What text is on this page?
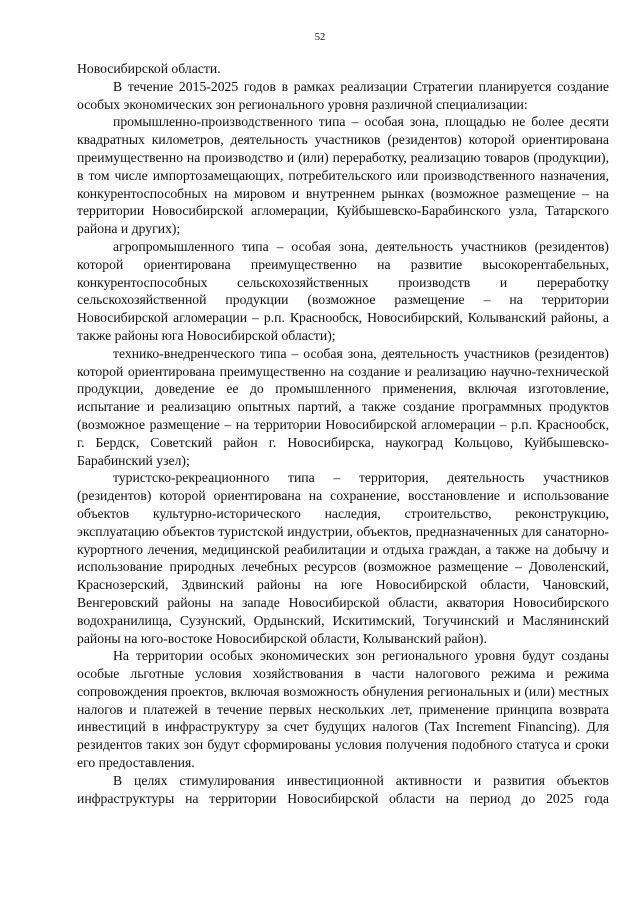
52

Новосибирской области.

В течение 2015-2025 годов в рамках реализации Стратегии планируется создание особых экономических зон регионального уровня различной специализации:

промышленно-производственного типа – особая зона, площадью не более десяти квадратных километров, деятельность участников (резидентов) которой ориентирована преимущественно на производство и (или) переработку, реализацию товаров (продукции), в том числе импортозамещающих, потребительского или производственного назначения, конкурентоспособных на мировом и внутреннем рынках (возможное размещение – на территории Новосибирской агломерации, Куйбышевско-Барабинского узла, Татарского района и других);

агропромышленного типа – особая зона, деятельность участников (резидентов) которой ориентирована преимущественно на развитие высокорентабельных, конкурентоспособных сельскохозяйственных производств и переработку сельскохозяйственной продукции (возможное размещение – на территории Новосибирской агломерации – р.п. Краснообск, Новосибирский, Колыванский районы, а также районы юга Новосибирской области);

технико-внедренческого типа – особая зона, деятельность участников (резидентов) которой ориентирована преимущественно на создание и реализацию научно-технической продукции, доведение ее до промышленного применения, включая изготовление, испытание и реализацию опытных партий, а также создание программных продуктов (возможное размещение – на территории Новосибирской агломерации – р.п. Краснообск, г. Бердск, Советский район г. Новосибирска, наукоград Кольцово, Куйбышевско-Барабинский узел);

туристско-рекреационного типа – территория, деятельность участников (резидентов) которой ориентирована на сохранение, восстановление и использование объектов культурно-исторического наследия, строительство, реконструкцию, эксплуатацию объектов туристской индустрии, объектов, предназначенных для санаторно-курортного лечения, медицинской реабилитации и отдыха граждан, а также на добычу и использование природных лечебных ресурсов (возможное размещение – Доволенский, Краснозерский, Здвинский районы на юге Новосибирской области, Чановский, Венгеровский районы на западе Новосибирской области, акватория Новосибирского водохранилища, Сузунский, Ордынский, Искитимский, Тогучинский и Маслянинский районы на юго-востоке Новосибирской области, Колыванский район).

На территории особых экономических зон регионального уровня будут созданы особые льготные условия хозяйствования в части налогового режима и режима сопровождения проектов, включая возможность обнуления региональных и (или) местных налогов и платежей в течение первых нескольких лет, применение принципа возврата инвестиций в инфраструктуру за счет будущих налогов (Tax Increment Financing). Для резидентов таких зон будут сформированы условия получения подобного статуса и сроки его предоставления.

В целях стимулирования инвестиционной активности и развития объектов инфраструктуры на территории Новосибирской области на период до 2025 года
